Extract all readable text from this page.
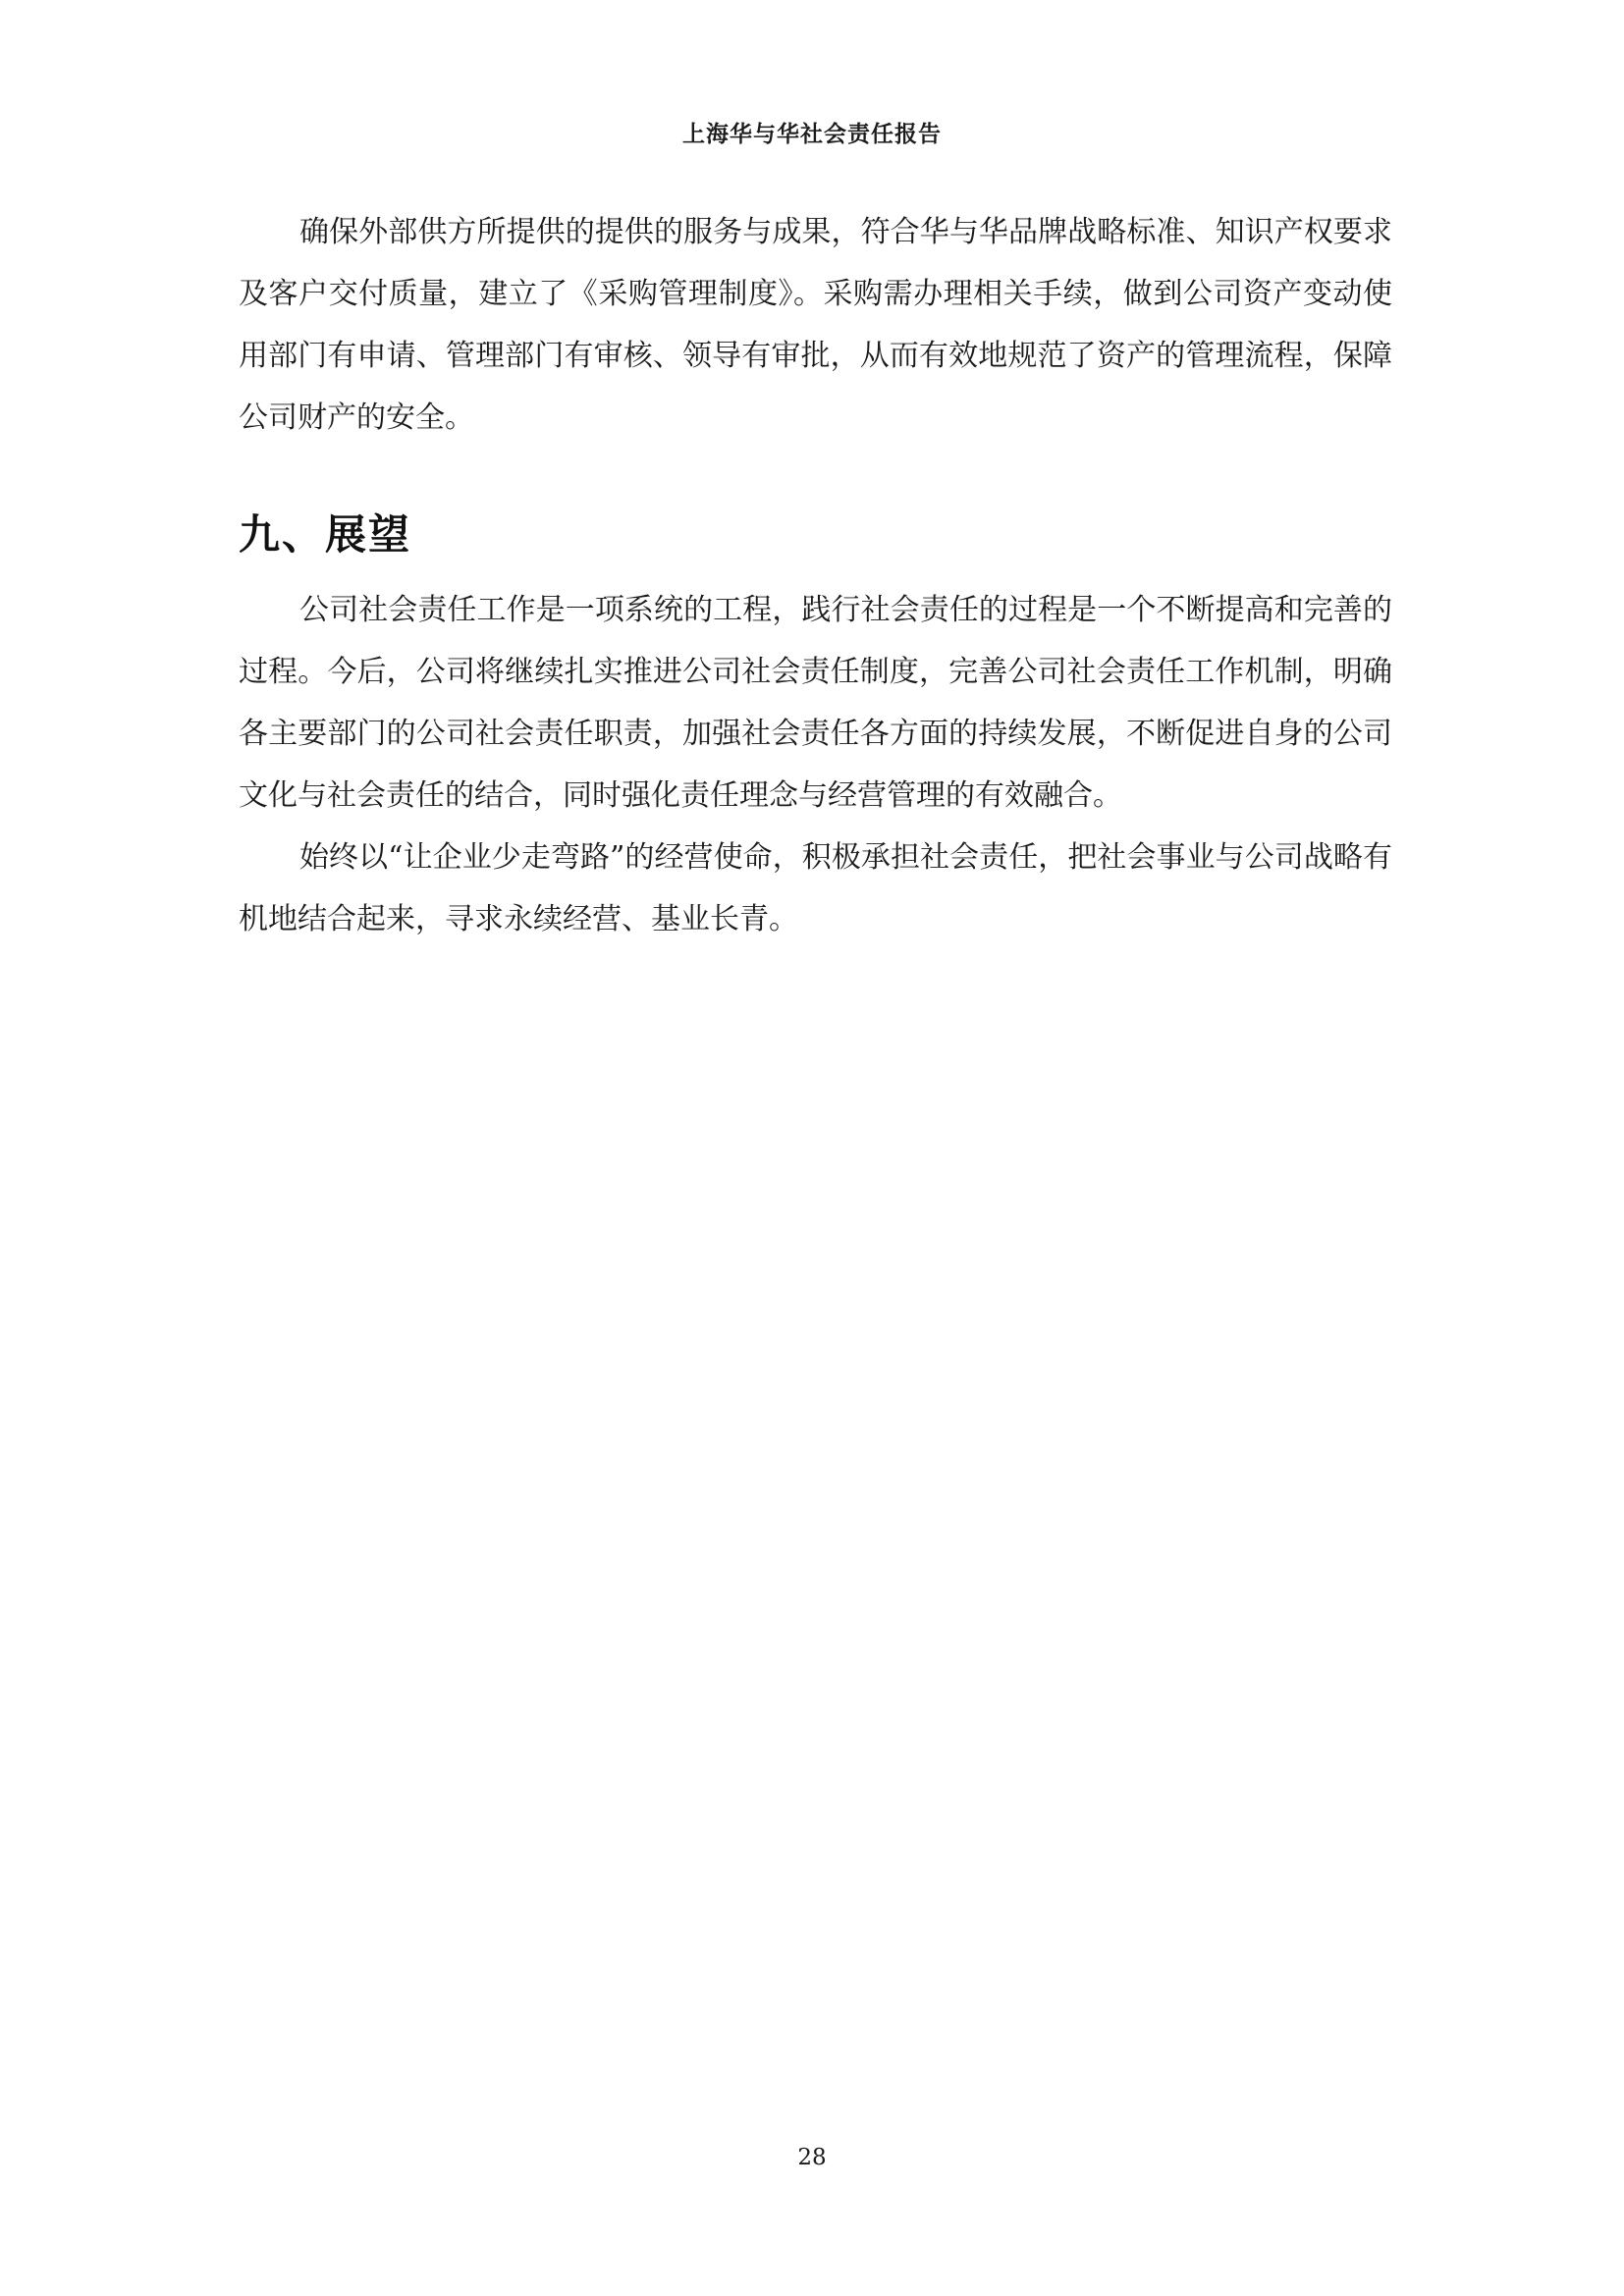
上海华与华社会责任报告

确保外部供方所提供的提供的服务与成果，符合华与华品牌战略标准、知识产权要求及客户交付质量，建立了《采购管理制度》。采购需办理相关手续，做到公司资产变动使用部门有申请、管理部门有审核、领导有审批，从而有效地规范了资产的管理流程，保障公司财产的安全。

九、展望

公司社会责任工作是一项系统的工程，践行社会责任的过程是一个不断提高和完善的过程。今后，公司将继续扎实推进公司社会责任制度，完善公司社会责任工作机制，明确各主要部门的公司社会责任职责，加强社会责任各方面的持续发展，不断促进自身的公司文化与社会责任的结合，同时强化责任理念与经营管理的有效融合。

始终以“让企业少走弯路”的经营使命，积极承担社会责任，把社会事业与公司战略有机地结合起来，寻求永续经营、基业长青。

28
